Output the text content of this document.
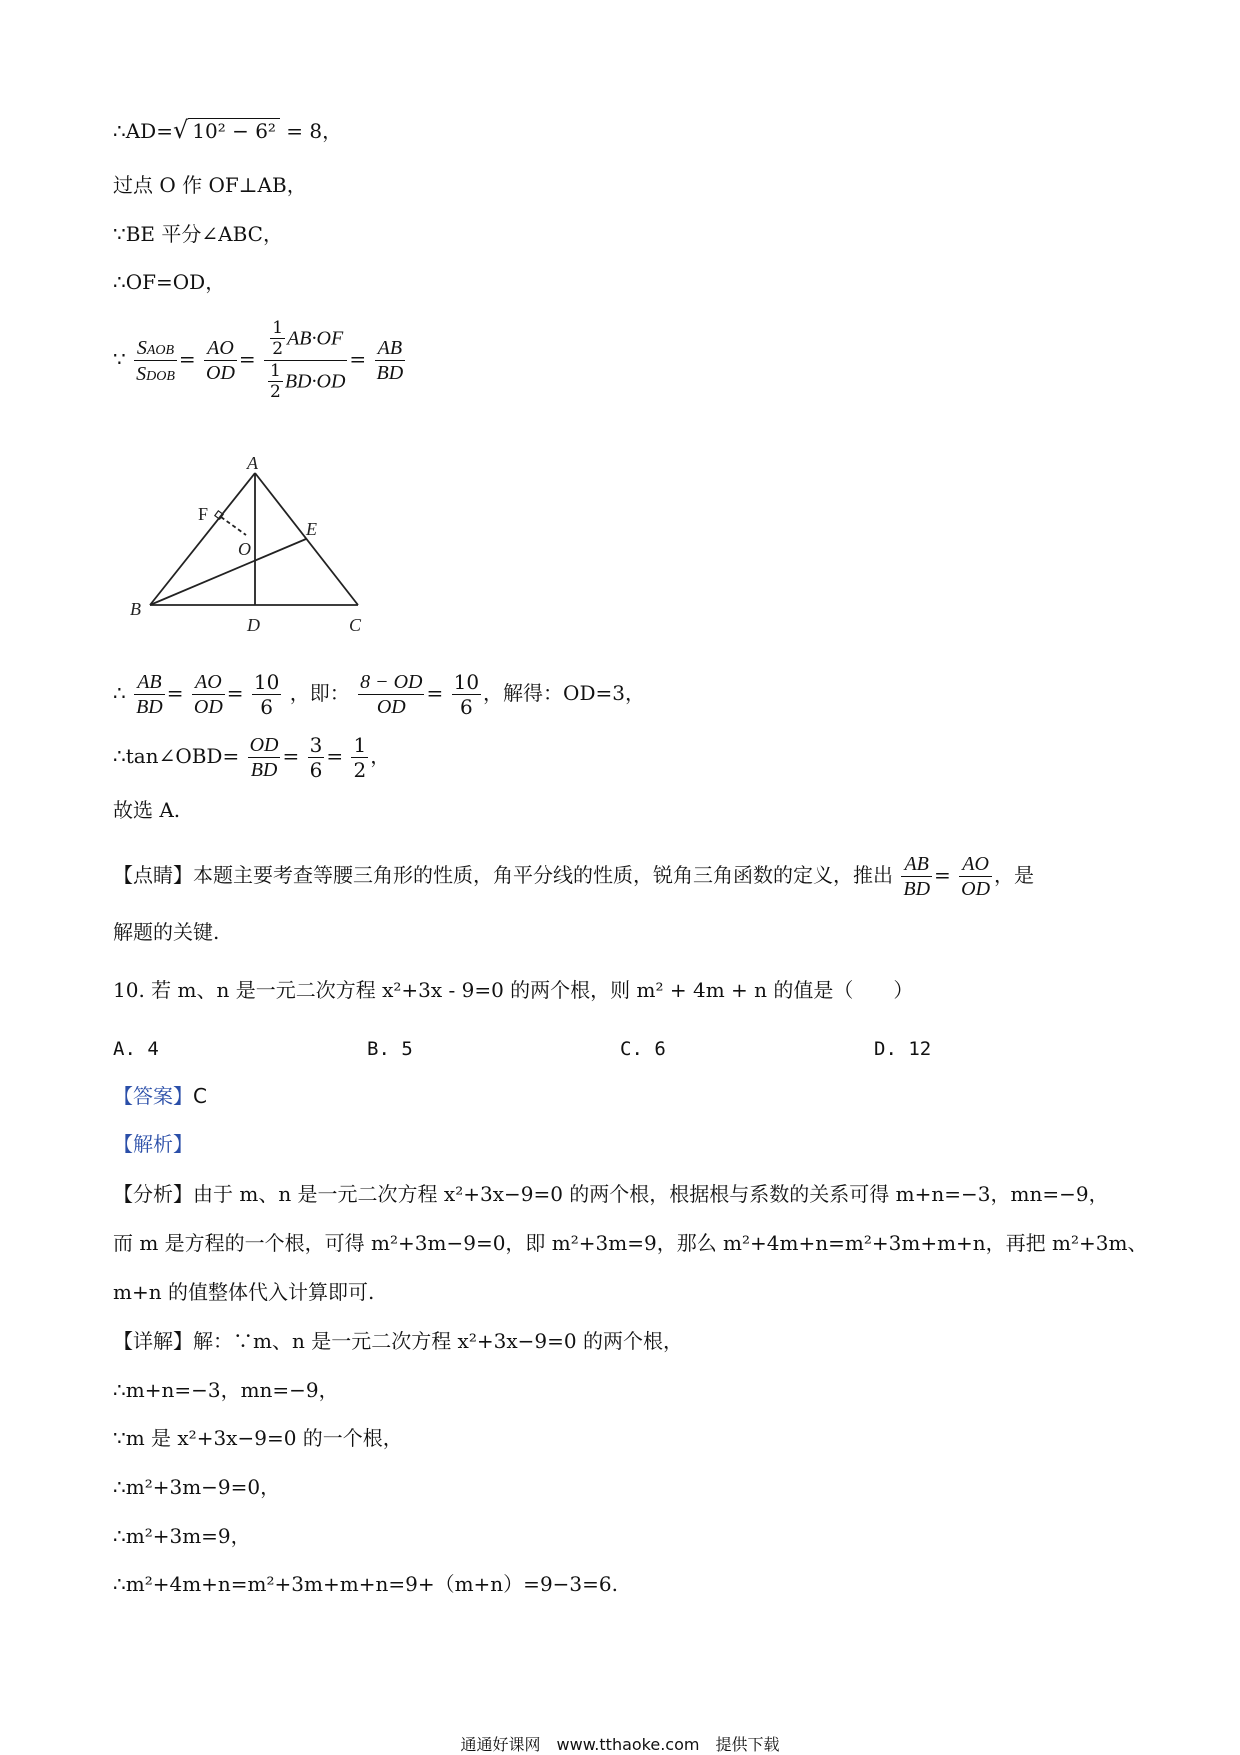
∴AD=√ 10² − 6² = 8，
过点 O 作 OF⊥AB，
∵BE 平分∠ABC，
∴OF=OD，
∵ $\frac{\text{SAOB}}{\text{SDOB}} = \frac{AO}{OD} = \frac{\frac{1}{2} AB\cdot OF}{\frac{1}{2} BD\cdot OD} = \frac{AB}{BD}$
A
B
C
D
E
F
O
∴ $\frac{AB}{BD} = \frac{AO}{OD} = \frac{10}{6}$ ，即： $\frac{8 - OD}{OD} = \frac{10}{6}$ ，解得：OD=3，
∴tan∠OBD= $\frac{OD}{BD} = \frac{3}{6} = \frac{1}{2}$ ，
故选 A.
【点睛】本题主要考查等腰三角形的性质，角平分线的性质，锐角三角函数的定义，推出 $\frac{AB}{BD} = \frac{AO}{OD}$ ，是
解题的关键.
10. 若 m、n 是一元二次方程 x²+3x - 9=0 的两个根，则 m² + 4m + n 的值是（　　）
A. 4	B. 5	C. 6	D. 12
【答案】C
【解析】
【分析】由于 m、n 是一元二次方程 x²+3x−9=0 的两个根，根据根与系数的关系可得 m+n=−3，mn=−9，
而 m 是方程的一个根，可得 m²+3m−9=0，即 m²+3m=9，那么 m²+4m+n=m²+3m+m+n，再把 m²+3m、
m+n 的值整体代入计算即可.
【详解】解：∵m、n 是一元二次方程 x²+3x−9=0 的两个根，
∴m+n=−3，mn=−9，
∵m 是 x²+3x−9=0 的一个根，
∴m²+3m−9=0，
∴m²+3m=9，
∴m²+4m+n=m²+3m+m+n=9+（m+n）=9−3=6.
通通好课网　www.tthaoke.com　提供下载
